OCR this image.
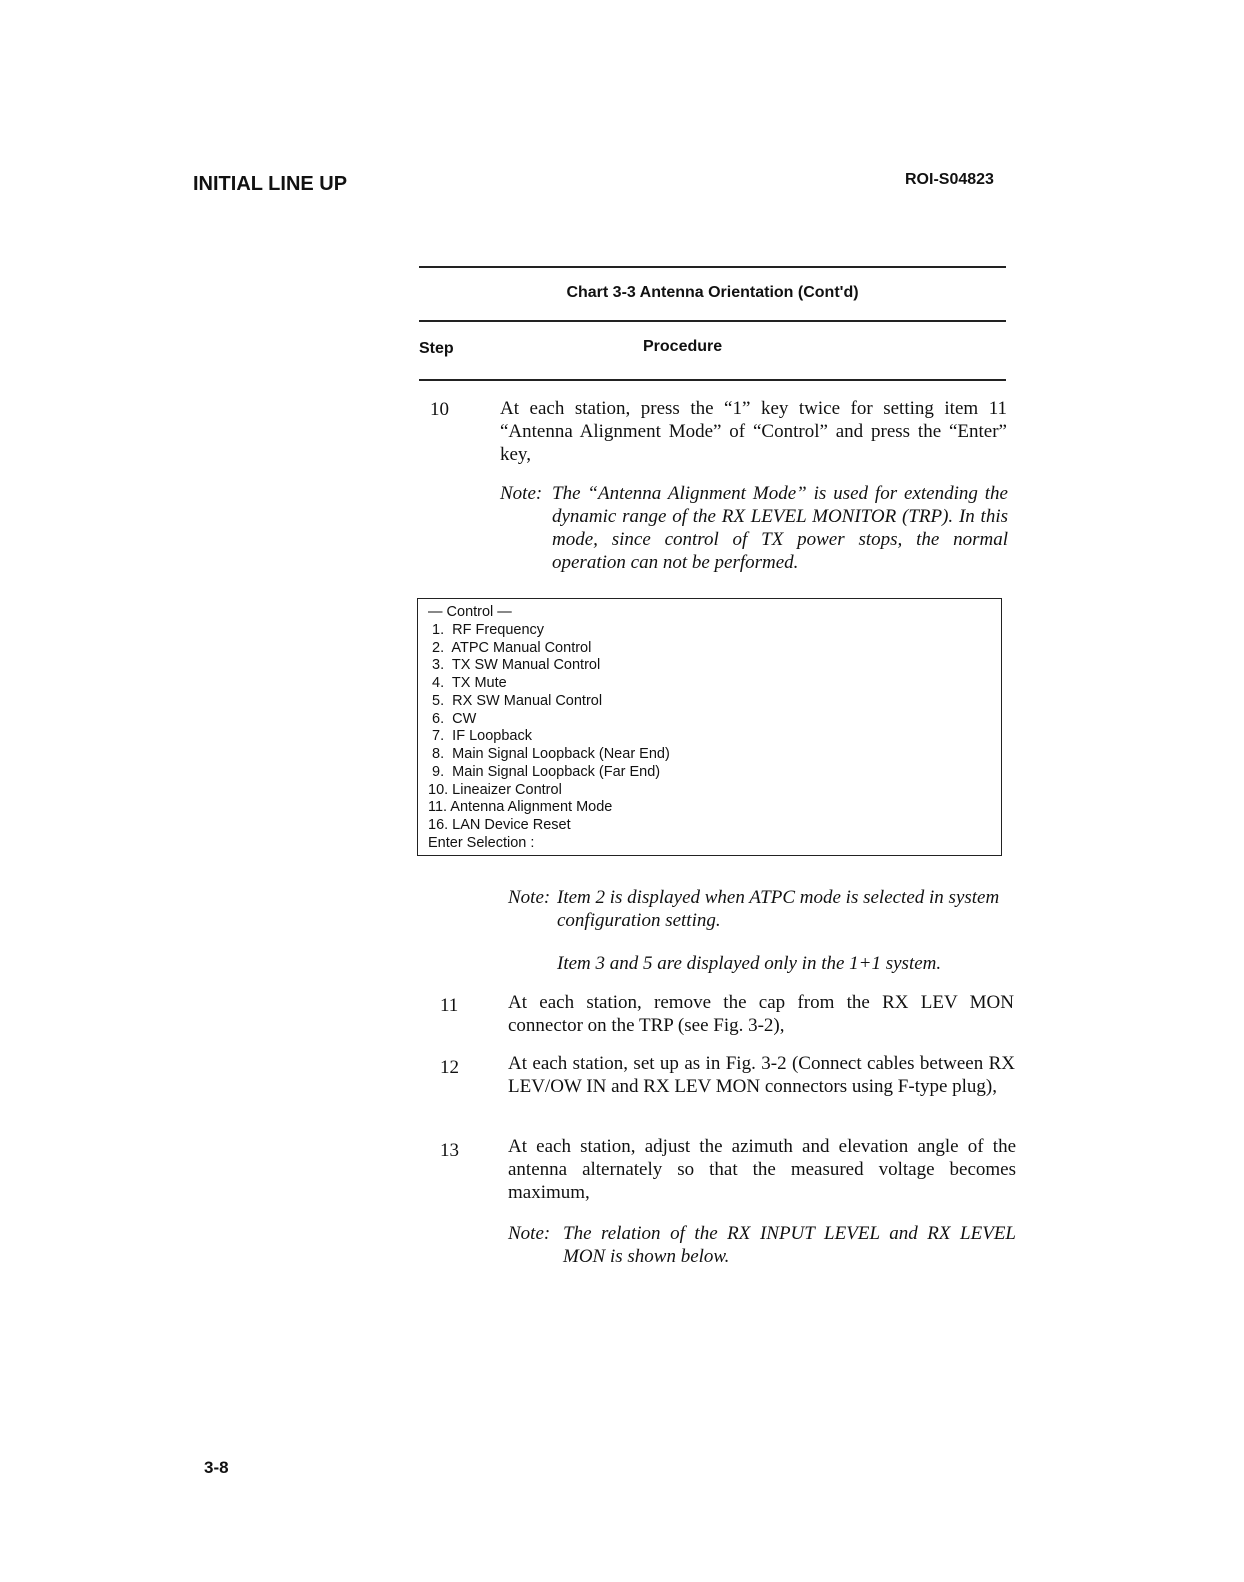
INITIAL LINE UP	ROI-S04823
Chart 3-3 Antenna Orientation (Cont'd)
Step	Procedure
10	At each station, press the “1” key twice for setting item 11 “Antenna Alignment Mode” of “Control” and press the “Enter” key,
Note: The “Antenna Alignment Mode” is used for extending the dynamic range of the RX LEVEL MONITOR (TRP). In this mode, since control of TX power stops, the normal operation can not be performed.
— Control —
1.  RF Frequency
2.  ATPC Manual Control
3.  TX SW Manual Control
4.  TX Mute
5.  RX SW Manual Control
6.  CW
7.  IF Loopback
8.  Main Signal Loopback (Near End)
9.  Main Signal Loopback (Far End)
10. Lineaizer Control
11. Antenna Alignment Mode
16. LAN Device Reset
Enter Selection :
Note: Item 2 is displayed when ATPC mode is selected in system configuration setting.
Item 3 and 5 are displayed only in the 1+1 system.
11	At each station, remove the cap from the RX LEV MON connector on the TRP (see Fig. 3-2),
12	At each station, set up as in Fig. 3-2 (Connect cables between RX LEV/OW IN and RX LEV MON connectors using F-type plug),
13	At each station, adjust the azimuth and elevation angle of the antenna alternately so that the measured voltage becomes maximum,
Note: The relation of the RX INPUT LEVEL and RX LEVEL MON is shown below.
3-8
